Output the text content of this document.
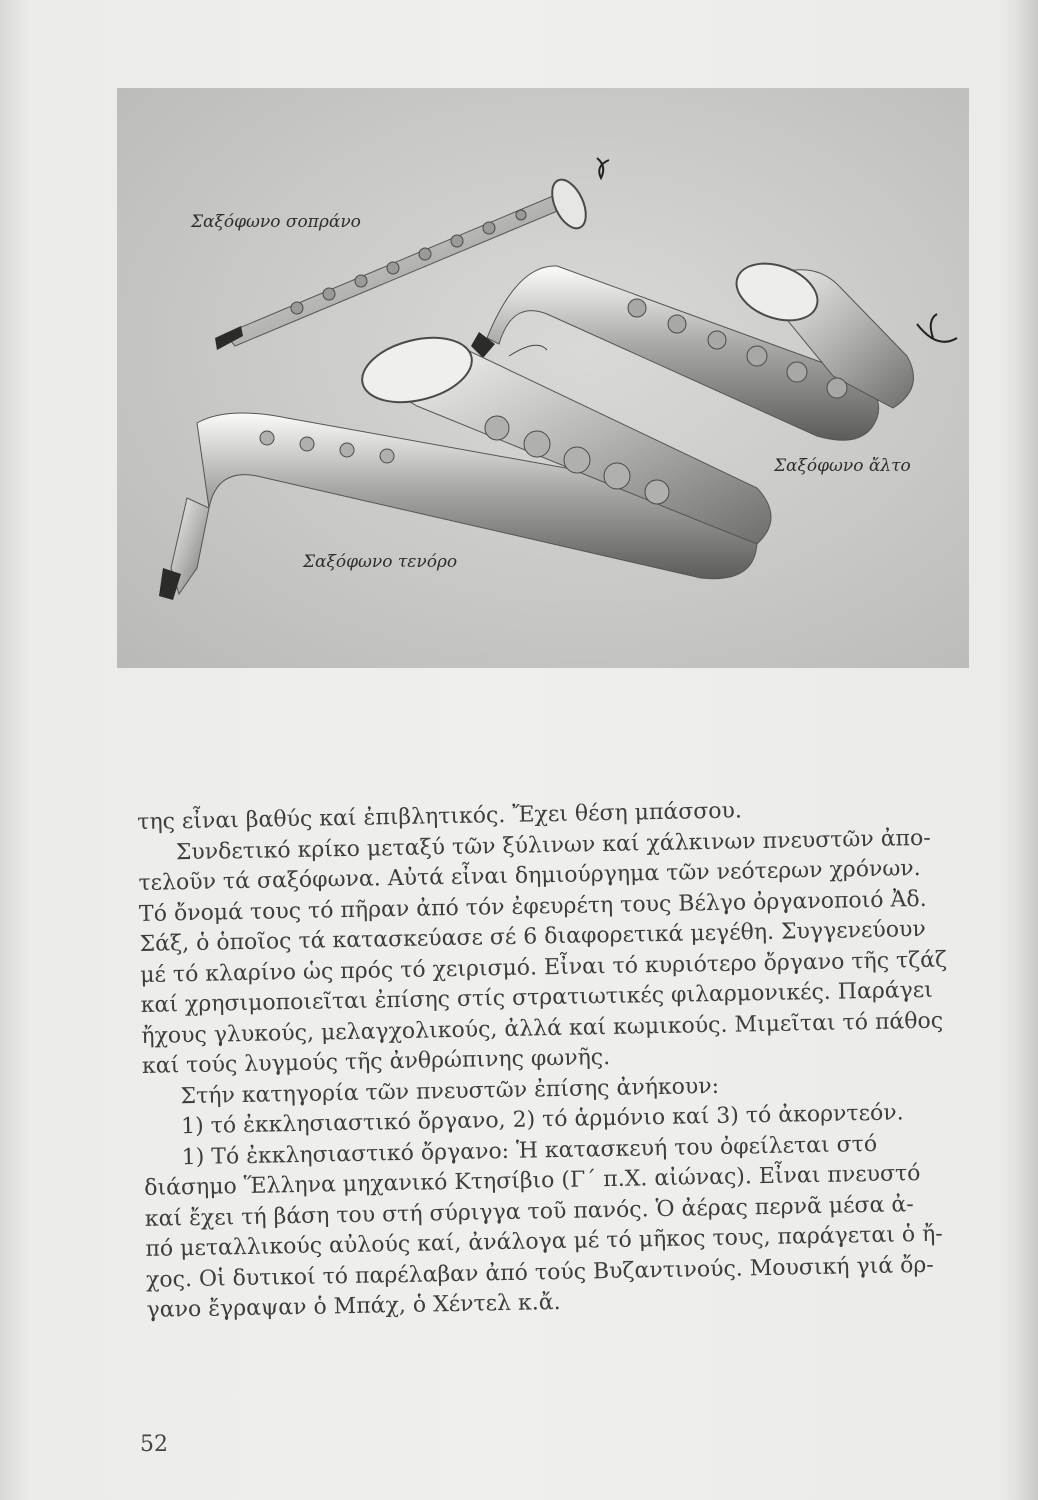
Σαξόφωνο σοπράνο
Σαξόφωνο ἄλτο
Σαξόφωνο τενόρο

της εἶναι βαθύς καί ἐπιβλητικός. Ἔχει θέση μπάσσου.

Συνδετικό κρίκο μεταξύ τῶν ξύλινων καί χάλκινων πνευστῶν ἀπο-

τελοῦν τά σαξόφωνα. Αὐτά εἶναι δημιούργημα τῶν νεότερων χρόνων.

Τό ὄνομά τους τό πῆραν ἀπό τόν ἐφευρέτη τους Βέλγο ὀργανοποιό Ἀδ.

Σάξ, ὁ ὁποῖος τά κατασκεύασε σέ 6 διαφορετικά μεγέθη. Συγγενεύουν

μέ τό κλαρίνο ὡς πρός τό χειρισμό. Εἶναι τό κυριότερο ὄργανο τῆς τζάζ

καί χρησιμοποιεῖται ἐπίσης στίς στρατιωτικές φιλαρμονικές. Παράγει

ἤχους γλυκούς, μελαγχολικούς, ἀλλά καί κωμικούς. Μιμεῖται τό πάθος

καί τούς λυγμούς τῆς ἀνθρώπινης φωνῆς.

Στήν κατηγορία τῶν πνευστῶν ἐπίσης ἀνήκουν:

1) τό ἐκκλησιαστικό ὄργανο, 2) τό ἁρμόνιο καί 3) τό ἀκορντεόν.

1) Τό ἐκκλησιαστικό ὄργανο: Ἡ κατασκευή του ὀφείλεται στό

διάσημο Ἕλληνα μηχανικό Κτησίβιο (Γ΄ π.Χ. αἰώνας). Εἶναι πνευστό

καί ἔχει τή βάση του στή σύριγγα τοῦ πανός. Ὁ ἀέρας περνᾶ μέσα ἀ-

πό μεταλλικούς αὐλούς καί, ἀνάλογα μέ τό μῆκος τους, παράγεται ὁ ἤ-

χος. Οἱ δυτικοί τό παρέλαβαν ἀπό τούς Βυζαντινούς. Μουσική γιά ὄρ-

γανο ἔγραψαν ὁ Μπάχ, ὁ Χέντελ κ.ἄ.

52
